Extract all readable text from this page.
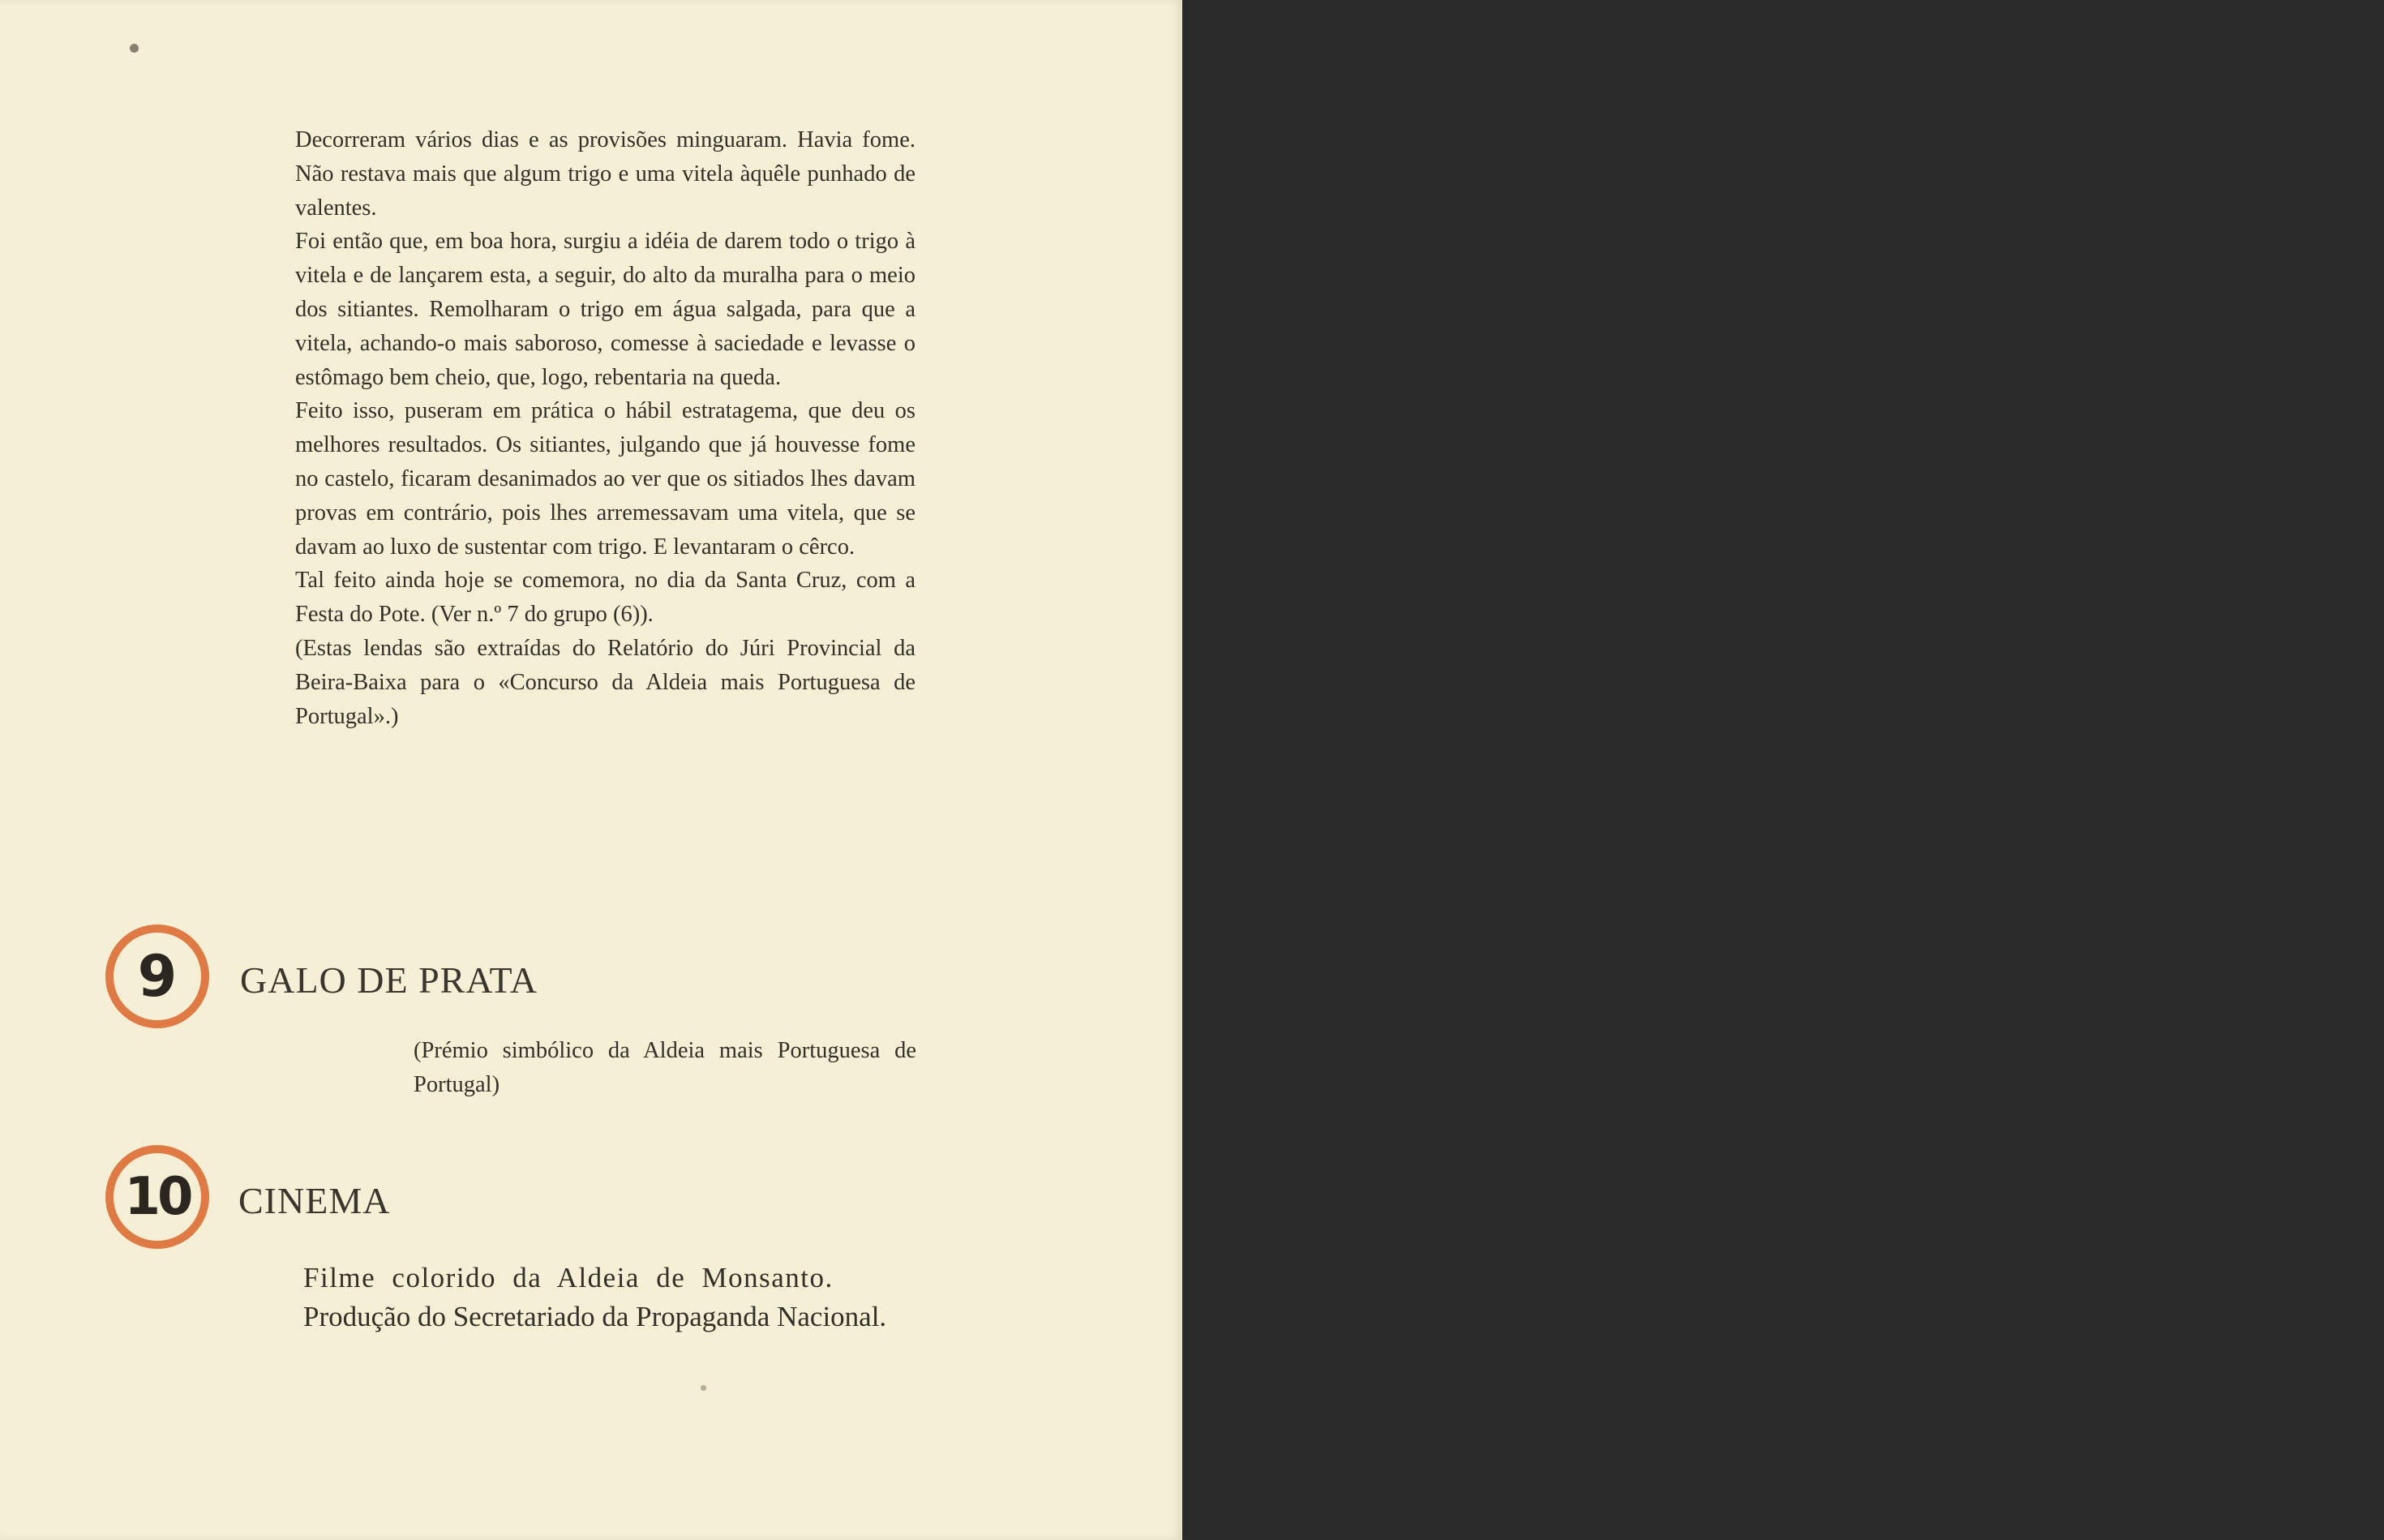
Decorreram vários dias e as provisões minguaram. Havia fome. Não restava mais que algum trigo e uma vitela àquêle punhado de valentes.

Foi então que, em boa hora, surgiu a idéia de darem todo o trigo à vitela e de lançarem esta, a seguir, do alto da muralha para o meio dos sitiantes. Remolharam o trigo em água salgada, para que a vitela, achando-o mais saboroso, comesse à saciedade e levasse o estômago bem cheio, que, logo, rebentaria na queda.

Feito isso, puseram em prática o hábil estratagema, que deu os melhores resultados. Os sitiantes, julgando que já houvesse fome no castelo, ficaram desanimados ao ver que os sitiados lhes davam provas em contrário, pois lhes arremessavam uma vitela, que se davam ao luxo de sustentar com trigo. E levantaram o cêrco.

Tal feito ainda hoje se comemora, no dia da Santa Cruz, com a Festa do Pote. (Ver n.º 7 do grupo (6)).

(Estas lendas são extraídas do Relatório do Júri Provincial da Beira-Baixa para o «Concurso da Aldeia mais Portuguesa de Portugal».)

9	GALO DE PRATA
(Prémio simbólico da Aldeia mais Portuguesa de Portugal)
10 CINEMA
Filme colorido da Aldeia de Monsanto.
Produção do Secretariado da Propaganda Nacional.
